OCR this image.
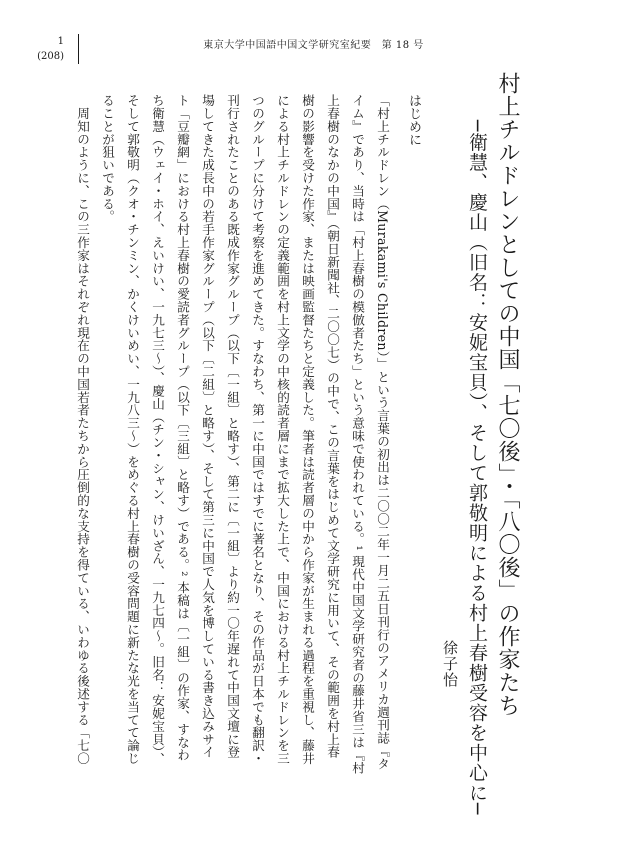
1
(208)
東京大学中国語中国文学研究室紀要　第 18 号
村上チルドレンとしての中国「七〇後」・「八〇後」の作家たち
─衛慧、慶山（旧名：安妮宝貝）、そして郭敬明による村上春樹受容を中心に─
徐子怡
はじめに
「村上チルドレン（Murakami's Children）」という言葉の初出は二〇〇二年一月二五日刊行のアメリカ週刊誌『タ
イム』であり、当時は「村上春樹の模倣者たち」という意味で使われている。¹ 現代中国文学研究者の藤井省三は『村
上春樹のなかの中国』（朝日新聞社、二〇〇七）の中で、この言葉をはじめて文学研究に用いて、その範囲を村上春
樹の影響を受けた作家、または映画監督たちと定義した。筆者は読者層の中から作家が生まれる過程を重視し、藤井
による村上チルドレンの定義範囲を村上文学の中核的読者層にまで拡大した上で、中国における村上チルドレンを三
つのグループに分けて考察を進めてきた。すなわち、第一に中国ではすでに著名となり、その作品が日本でも翻訳・
刊行されたことのある既成作家グループ（以下〔一組〕と略す）、第二に〔一組〕より約一〇年遅れて中国文壇に登
場してきた成長中の若手作家グループ（以下〔二組〕と略す）、そして第三に中国で人気を博している書き込みサイ
ト「豆瓣網」における村上春樹の愛読者グループ（以下〔三組〕と略す）である。² 本稿は〔一組〕の作家、すなわ
ち衛慧（ウェイ・ホイ、えいけい、一九七三～）、慶山（チン・シャン、けいざん、一九七四～。旧名：安妮宝貝）、
そして郭敬明（クオ・チンミン、かくけいめい、一九八三～）をめぐる村上春樹の受容問題に新たな光を当てて論じ
ることが狙いである。
　周知のように、この三作家はそれぞれ現在の中国若者たちから圧倒的な支持を得ている、いわゆる後述する「七〇
